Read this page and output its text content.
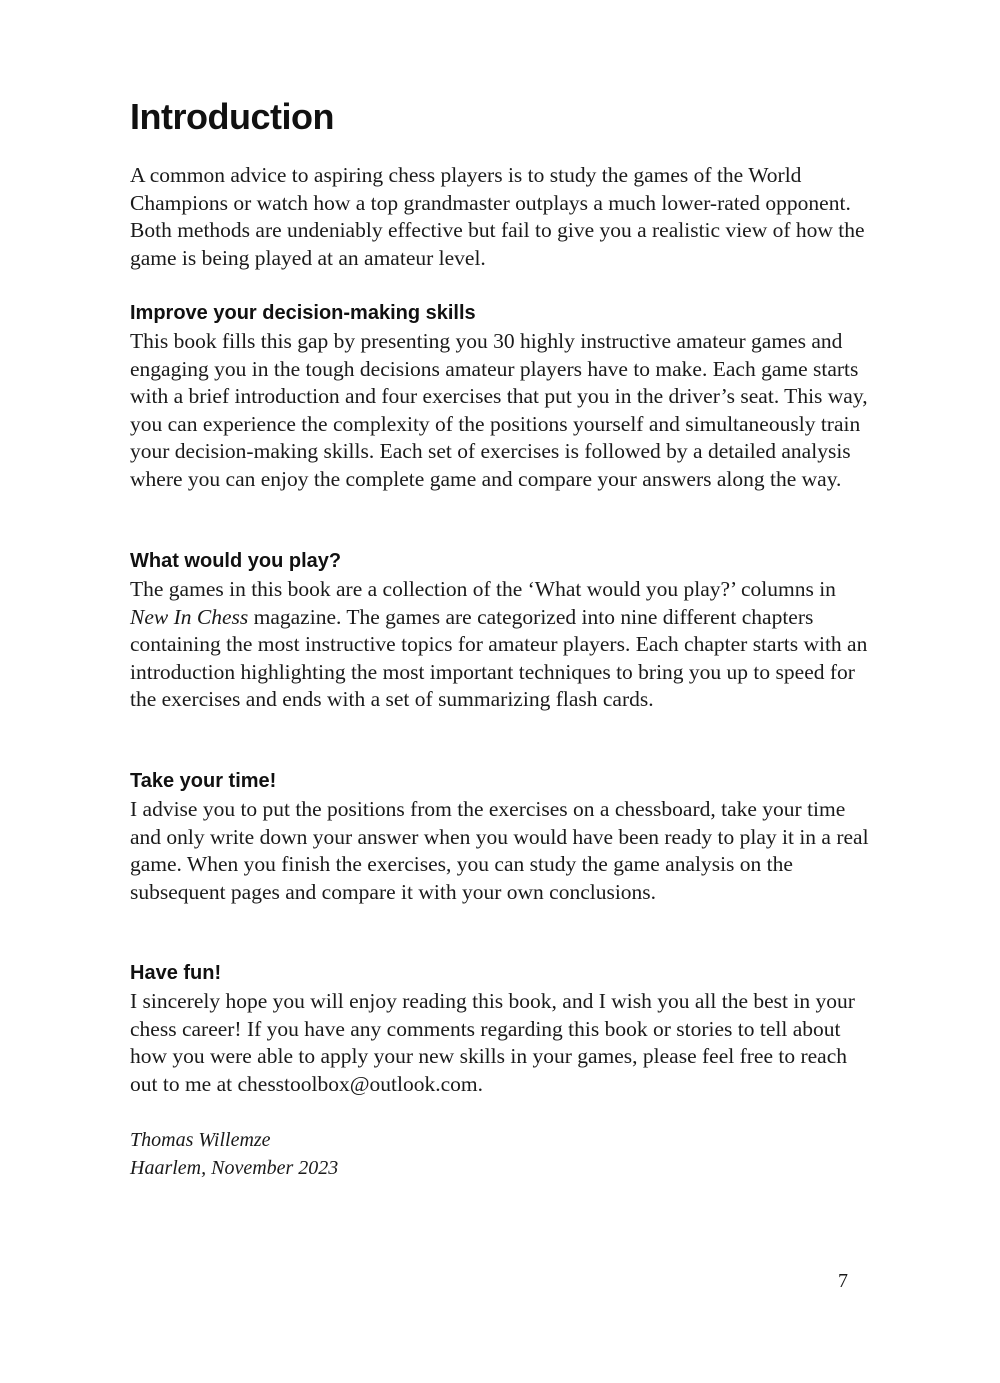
Introduction

A common advice to aspiring chess players is to study the games of the World Champions or watch how a top grandmaster outplays a much lower-rated opponent. Both methods are undeniably effective but fail to give you a realistic view of how the game is being played at an amateur level.

Improve your decision-making skills

This book fills this gap by presenting you 30 highly instructive amateur games and engaging you in the tough decisions amateur players have to make. Each game starts with a brief introduction and four exercises that put you in the driver’s seat. This way, you can experience the complexity of the positions yourself and simultaneously train your decision-making skills. Each set of exercises is followed by a detailed analysis where you can enjoy the complete game and compare your answers along the way.

What would you play?

The games in this book are a collection of the ‘What would you play?’ columns in New In Chess magazine. The games are categorized into nine different chapters containing the most instructive topics for amateur players. Each chapter starts with an introduction highlighting the most important techniques to bring you up to speed for the exercises and ends with a set of summarizing flash cards.

Take your time!

I advise you to put the positions from the exercises on a chessboard, take your time and only write down your answer when you would have been ready to play it in a real game. When you finish the exercises, you can study the game analysis on the subsequent pages and compare it with your own conclusions.

Have fun!

I sincerely hope you will enjoy reading this book, and I wish you all the best in your chess career! If you have any comments regarding this book or stories to tell about how you were able to apply your new skills in your games, please feel free to reach out to me at chesstoolbox@outlook.com.

Thomas Willemze

Haarlem, November 2023

7
